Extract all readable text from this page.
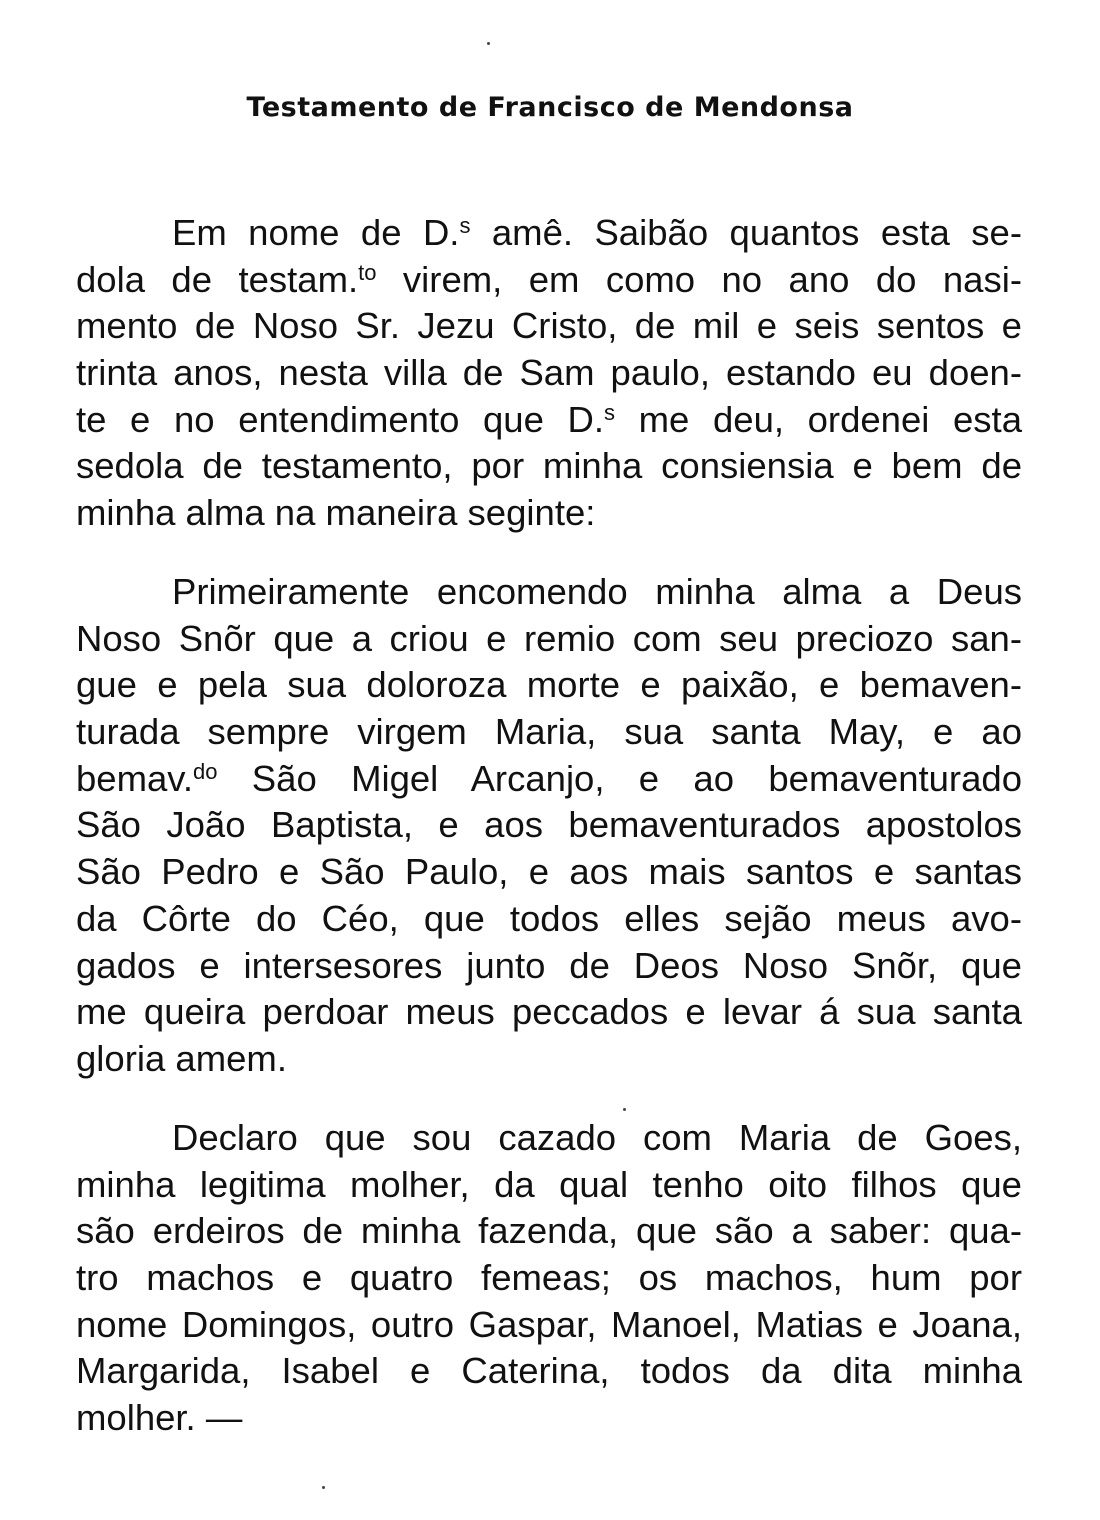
Testamento de Francisco de Mendonsa
Em nome de D.$^s$ amê. Saibão quantos esta se-
dola de testam.$^{to}$ virem, em como no ano do nasi-
mento de Noso Sr. Jezu Cristo, de mil e seis sentos e
trinta anos, nesta villa de Sam paulo, estando eu doen-
te e no entendimento que D.$^s$ me deu, ordenei esta
sedola de testamento, por minha consiensia e bem de
minha alma na maneira seginte:
Primeiramente encomendo minha alma a Deus
Noso Snõr que a criou e remio com seu preciozo san-
gue e pela sua doloroza morte e paixão, e bemaven-
turada sempre virgem Maria, sua santa May, e ao
bemav.$^{do}$ São Migel Arcanjo, e ao bemaventurado
São João Baptista, e aos bemaventurados apostolos
São Pedro e São Paulo, e aos mais santos e santas
da Côrte do Céo, que todos elles sejão meus avo-
gados e intersesores junto de Deos Noso Snõr, que
me queira perdoar meus peccados e levar á sua santa
gloria amem.
Declaro que sou cazado com Maria de Goes,
minha legitima molher, da qual tenho oito filhos que
são erdeiros de minha fazenda, que são a saber: qua-
tro machos e quatro femeas; os machos, hum por
nome Domingos, outro Gaspar, Manoel, Matias e Joana,
Margarida, Isabel e Caterina, todos da dita minha
molher. —
